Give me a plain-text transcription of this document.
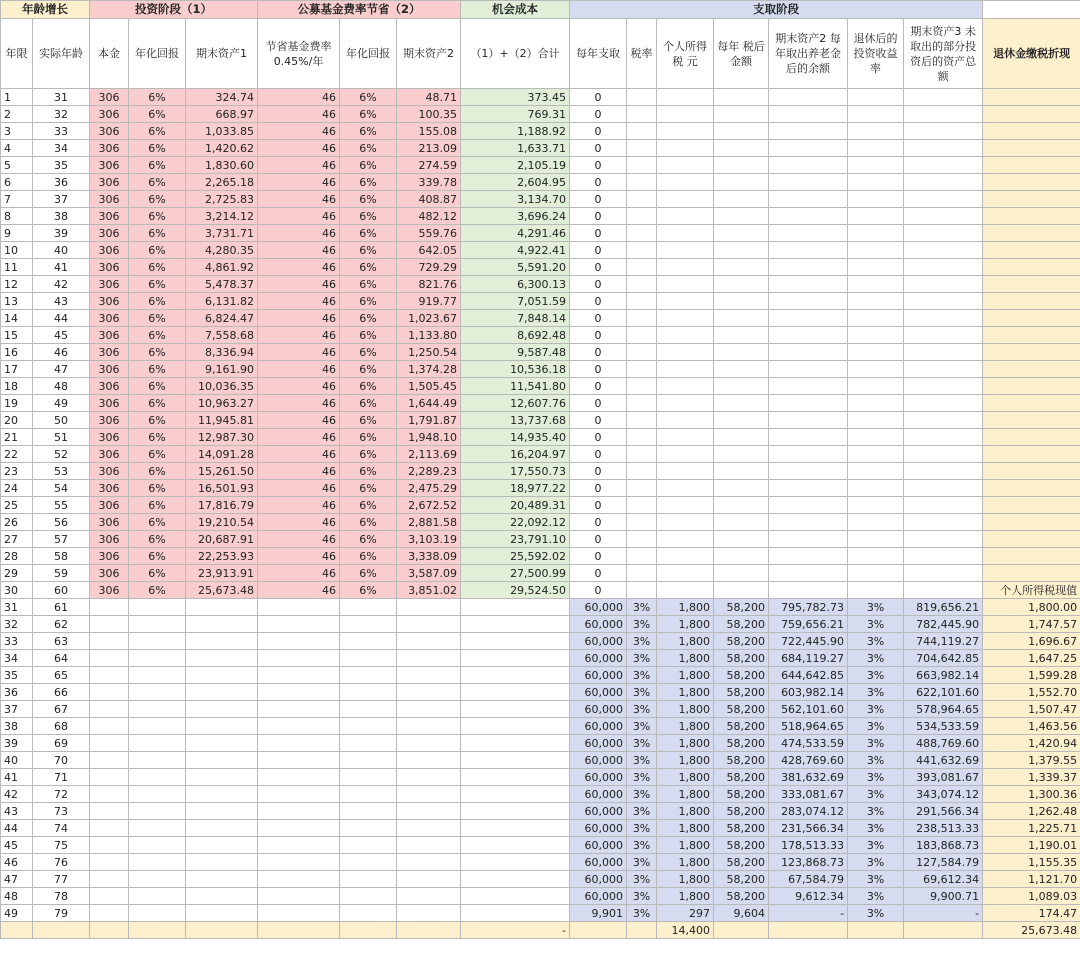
年龄增长		投资阶段（1）			公募基金费率节省（2）			机会成本	支取阶段							
年限	实际年龄	本金	年化回报	期末资产1	节省基金费率 0.45%/年	年化回报	期末资产2	（1）+（2）合计	每年支取	税率	个人所得税 元	每年 税后金额	期末资产2 每年取出养老金后的余额	退休后的投资收益率	期末资产3 未取出的部分投资后的资产总额	退休金缴税折现
1	31	306	6%	324.74	46	6%	48.71	373.45	0							
2	32	306	6%	668.97	46	6%	100.35	769.31	0							
3	33	306	6%	1,033.85	46	6%	155.08	1,188.92	0							
4	34	306	6%	1,420.62	46	6%	213.09	1,633.71	0							
5	35	306	6%	1,830.60	46	6%	274.59	2,105.19	0							
6	36	306	6%	2,265.18	46	6%	339.78	2,604.95	0							
7	37	306	6%	2,725.83	46	6%	408.87	3,134.70	0							
8	38	306	6%	3,214.12	46	6%	482.12	3,696.24	0							
9	39	306	6%	3,731.71	46	6%	559.76	4,291.46	0							
10	40	306	6%	4,280.35	46	6%	642.05	4,922.41	0							
11	41	306	6%	4,861.92	46	6%	729.29	5,591.20	0							
12	42	306	6%	5,478.37	46	6%	821.76	6,300.13	0							
13	43	306	6%	6,131.82	46	6%	919.77	7,051.59	0							
14	44	306	6%	6,824.47	46	6%	1,023.67	7,848.14	0							
15	45	306	6%	7,558.68	46	6%	1,133.80	8,692.48	0							
16	46	306	6%	8,336.94	46	6%	1,250.54	9,587.48	0							
17	47	306	6%	9,161.90	46	6%	1,374.28	10,536.18	0							
18	48	306	6%	10,036.35	46	6%	1,505.45	11,541.80	0							
19	49	306	6%	10,963.27	46	6%	1,644.49	12,607.76	0							
20	50	306	6%	11,945.81	46	6%	1,791.87	13,737.68	0							
21	51	306	6%	12,987.30	46	6%	1,948.10	14,935.40	0							
22	52	306	6%	14,091.28	46	6%	2,113.69	16,204.97	0							
23	53	306	6%	15,261.50	46	6%	2,289.23	17,550.73	0							
24	54	306	6%	16,501.93	46	6%	2,475.29	18,977.22	0							
25	55	306	6%	17,816.79	46	6%	2,672.52	20,489.31	0							
26	56	306	6%	19,210.54	46	6%	2,881.58	22,092.12	0							
27	57	306	6%	20,687.91	46	6%	3,103.19	23,791.10	0							
28	58	306	6%	22,253.93	46	6%	3,338.09	25,592.02	0							
29	59	306	6%	23,913.91	46	6%	3,587.09	27,500.99	0							
30	60	306	6%	25,673.48	46	6%	3,851.02	29,524.50	0							个人所得税现值
31	61								60,000	3%	1,800	58,200	795,782.73	3%	819,656.21	1,800.00
32	62								60,000	3%	1,800	58,200	759,656.21	3%	782,445.90	1,747.57
33	63								60,000	3%	1,800	58,200	722,445.90	3%	744,119.27	1,696.67
34	64								60,000	3%	1,800	58,200	684,119.27	3%	704,642.85	1,647.25
35	65								60,000	3%	1,800	58,200	644,642.85	3%	663,982.14	1,599.28
36	66								60,000	3%	1,800	58,200	603,982.14	3%	622,101.60	1,552.70
37	67								60,000	3%	1,800	58,200	562,101.60	3%	578,964.65	1,507.47
38	68								60,000	3%	1,800	58,200	518,964.65	3%	534,533.59	1,463.56
39	69								60,000	3%	1,800	58,200	474,533.59	3%	488,769.60	1,420.94
40	70								60,000	3%	1,800	58,200	428,769.60	3%	441,632.69	1,379.55
41	71								60,000	3%	1,800	58,200	381,632.69	3%	393,081.67	1,339.37
42	72								60,000	3%	1,800	58,200	333,081.67	3%	343,074.12	1,300.36
43	73								60,000	3%	1,800	58,200	283,074.12	3%	291,566.34	1,262.48
44	74								60,000	3%	1,800	58,200	231,566.34	3%	238,513.33	1,225.71
45	75								60,000	3%	1,800	58,200	178,513.33	3%	183,868.73	1,190.01
46	76								60,000	3%	1,800	58,200	123,868.73	3%	127,584.79	1,155.35
47	77								60,000	3%	1,800	58,200	67,584.79	3%	69,612.34	1,121.70
48	78								60,000	3%	1,800	58,200	9,612.34	3%	9,900.71	1,089.03
49	79								9,901	3%	297	9,604	-	3%	-	174.47
								-			14,400					25,673.48
